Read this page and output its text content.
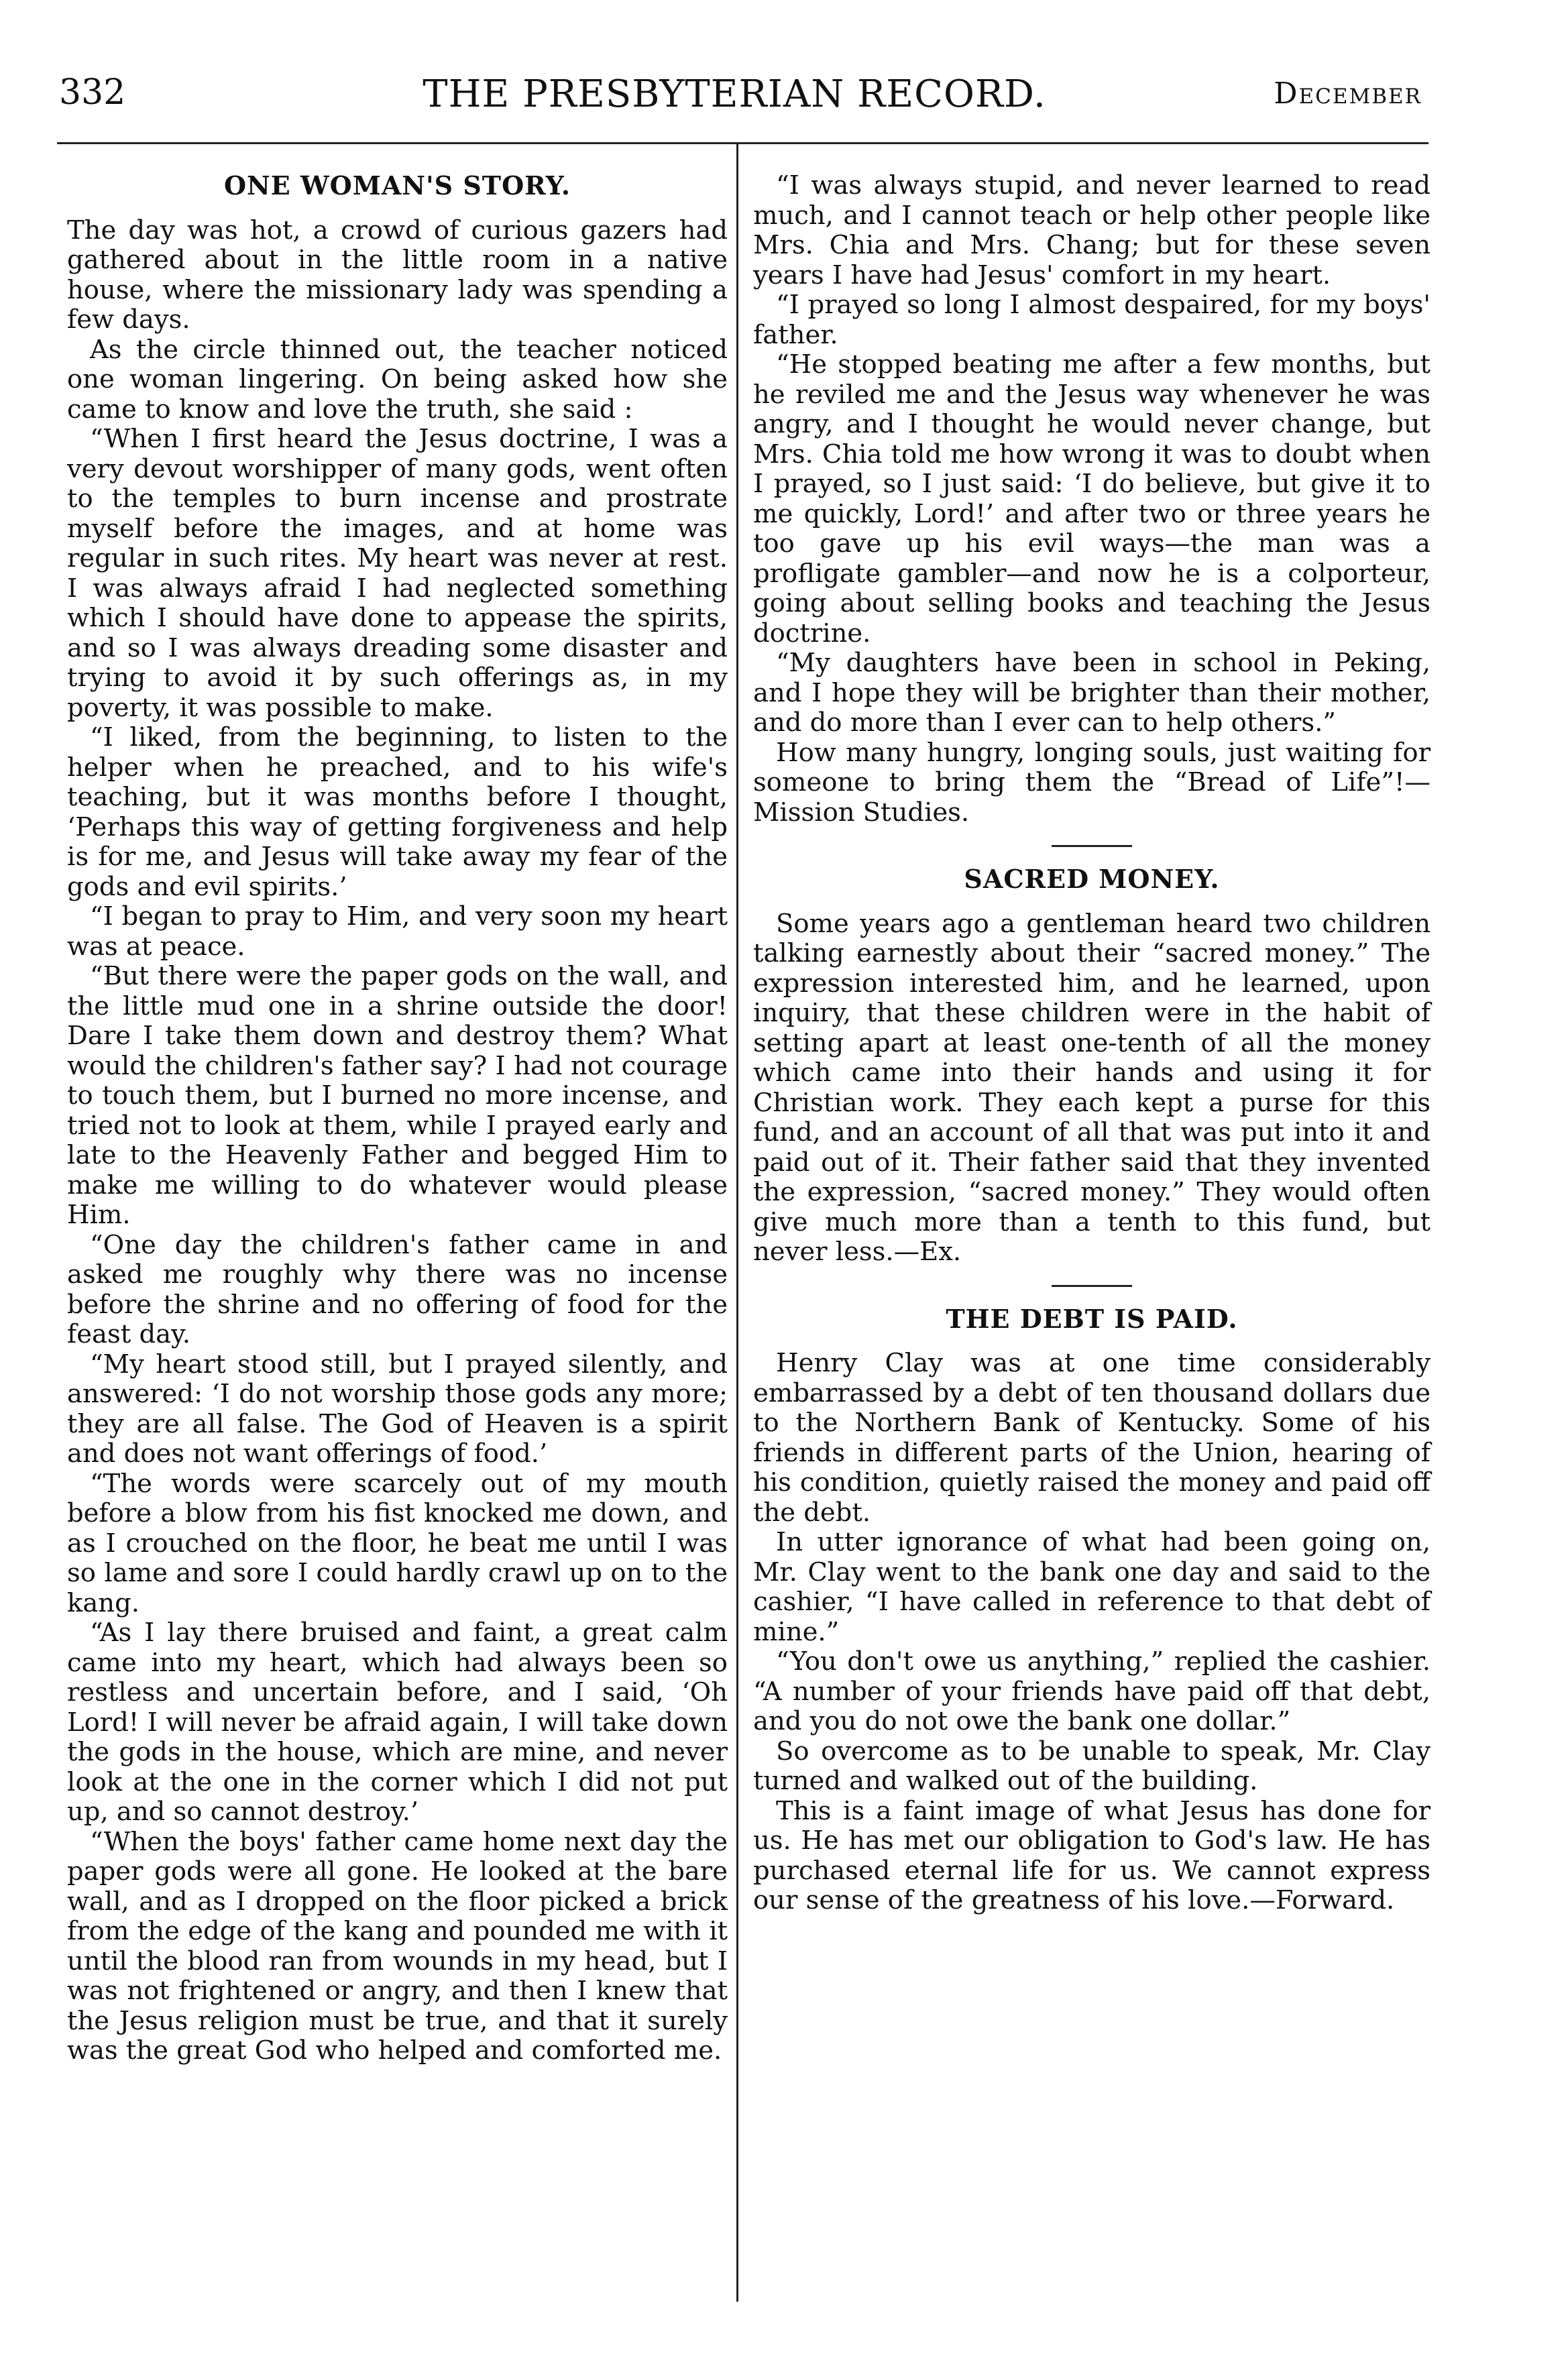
332	THE PRESBYTERIAN RECORD.	December
ONE WOMAN'S STORY.

The day was hot, a crowd of curious gazers had gathered about in the little room in a native house, where the missionary lady was spending a few days.

As the circle thinned out, the teacher noticed one woman lingering. On being asked how she came to know and love the truth, she said :

“When I first heard the Jesus doctrine, I was a very devout worshipper of many gods, went often to the temples to burn incense and prostrate myself before the images, and at home was regular in such rites. My heart was never at rest. I was always afraid I had neglected something which I should have done to appease the spirits, and so I was always dreading some disaster and trying to avoid it by such offerings as, in my poverty, it was possible to make.

“I liked, from the beginning, to listen to the helper when he preached, and to his wife's teaching, but it was months before I thought, ‘Perhaps this way of getting forgiveness and help is for me, and Jesus will take away my fear of the gods and evil spirits.’

“I began to pray to Him, and very soon my heart was at peace.

“But there were the paper gods on the wall, and the little mud one in a shrine outside the door! Dare I take them down and destroy them? What would the children's father say? I had not courage to touch them, but I burned no more incense, and tried not to look at them, while I prayed early and late to the Heavenly Father and begged Him to make me willing to do whatever would please Him.

“One day the children's father came in and asked me roughly why there was no incense before the shrine and no offering of food for the feast day.

“My heart stood still, but I prayed silently, and answered: ‘I do not worship those gods any more; they are all false. The God of Heaven is a spirit and does not want offerings of food.’

“The words were scarcely out of my mouth before a blow from his fist knocked me down, and as I crouched on the floor, he beat me until I was so lame and sore I could hardly crawl up on to the kang.

“As I lay there bruised and faint, a great calm came into my heart, which had always been so restless and uncertain before, and I said, ‘Oh Lord! I will never be afraid again, I will take down the gods in the house, which are mine, and never look at the one in the corner which I did not put up, and so cannot destroy.’

“When the boys' father came home next day the paper gods were all gone. He looked at the bare wall, and as I dropped on the floor picked a brick from the edge of the kang and pounded me with it until the blood ran from wounds in my head, but I was not frightened or angry, and then I knew that the Jesus religion must be true, and that it surely was the great God who helped and comforted me.

“I was always stupid, and never learned to read much, and I cannot teach or help other people like Mrs. Chia and Mrs. Chang; but for these seven years I have had Jesus' comfort in my heart.

“I prayed so long I almost despaired, for my boys' father.

“He stopped beating me after a few months, but he reviled me and the Jesus way whenever he was angry, and I thought he would never change, but Mrs. Chia told me how wrong it was to doubt when I prayed, so I just said: ‘I do believe, but give it to me quickly, Lord!’ and after two or three years he too gave up his evil ways—the man was a profligate gambler—and now he is a colporteur, going about selling books and teaching the Jesus doctrine.

“My daughters have been in school in Peking, and I hope they will be brighter than their mother, and do more than I ever can to help others.”

How many hungry, longing souls, just waiting for someone to bring them the “Bread of Life”!—Mission Studies.

SACRED MONEY.

Some years ago a gentleman heard two children talking earnestly about their “sacred money.” The expression interested him, and he learned, upon inquiry, that these children were in the habit of setting apart at least one-tenth of all the money which came into their hands and using it for Christian work. They each kept a purse for this fund, and an account of all that was put into it and paid out of it. Their father said that they invented the expression, “sacred money.” They would often give much more than a tenth to this fund, but never less.—Ex.

THE DEBT IS PAID.

Henry Clay was at one time considerably embarrassed by a debt of ten thousand dollars due to the Northern Bank of Kentucky. Some of his friends in different parts of the Union, hearing of his condition, quietly raised the money and paid off the debt.

In utter ignorance of what had been going on, Mr. Clay went to the bank one day and said to the cashier, “I have called in reference to that debt of mine.”

“You don't owe us anything,” replied the cashier. “A number of your friends have paid off that debt, and you do not owe the bank one dollar.”

So overcome as to be unable to speak, Mr. Clay turned and walked out of the building.

This is a faint image of what Jesus has done for us. He has met our obligation to God's law. He has purchased eternal life for us. We cannot express our sense of the greatness of his love.—Forward.
